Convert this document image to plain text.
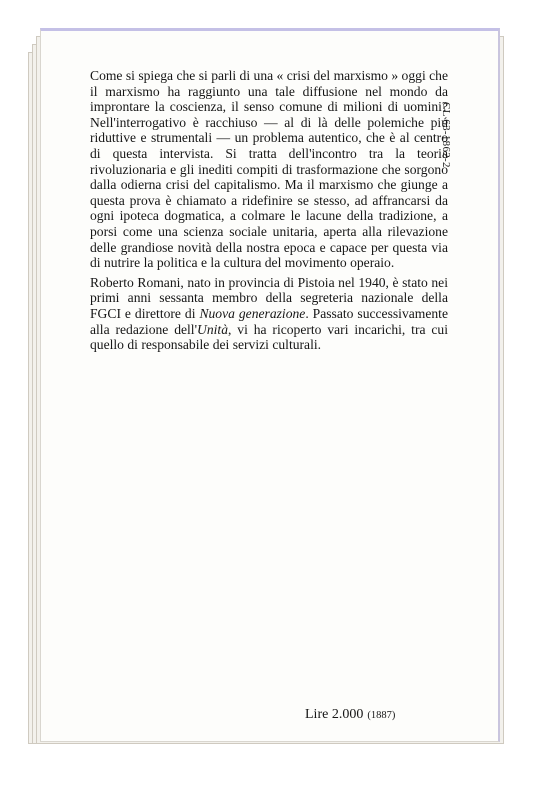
Come si spiega che si parli di una « crisi del marxismo » oggi che il marxismo ha raggiunto una tale diffusione nel mondo da improntare la coscienza, il senso comune di milioni di uomini? Nell'interrogativo è racchiuso — al di là delle polemiche piú riduttive e strumentali — un problema autentico, che è al centro di questa intervista. Si tratta dell'incontro tra la teoria rivoluzionaria e gli inediti compiti di trasformazione che sorgono dalla odierna crisi del capitalismo. Ma il marxismo che giunge a questa prova è chiamato a ridefinire se stesso, ad affrancarsi da ogni ipoteca dogmatica, a colmare le lacune della tradizione, a porsi come una scienza sociale unitaria, aperta alla rilevazione delle grandiose novità della nostra epoca e capace per questa via di nutrire la politica e la cultura del movimento operaio.

Roberto Romani, nato in provincia di Pistoia nel 1940, è stato nei primi anni sessanta membro della segreteria nazionale della FGCI e direttore di Nuova generazione. Passato successivamente alla redazione dell'Unità, vi ha ricoperto vari incarichi, tra cui quello di responsabile dei servizi culturali.

CL 63-1862-2
Lire 2.000 (1887)
